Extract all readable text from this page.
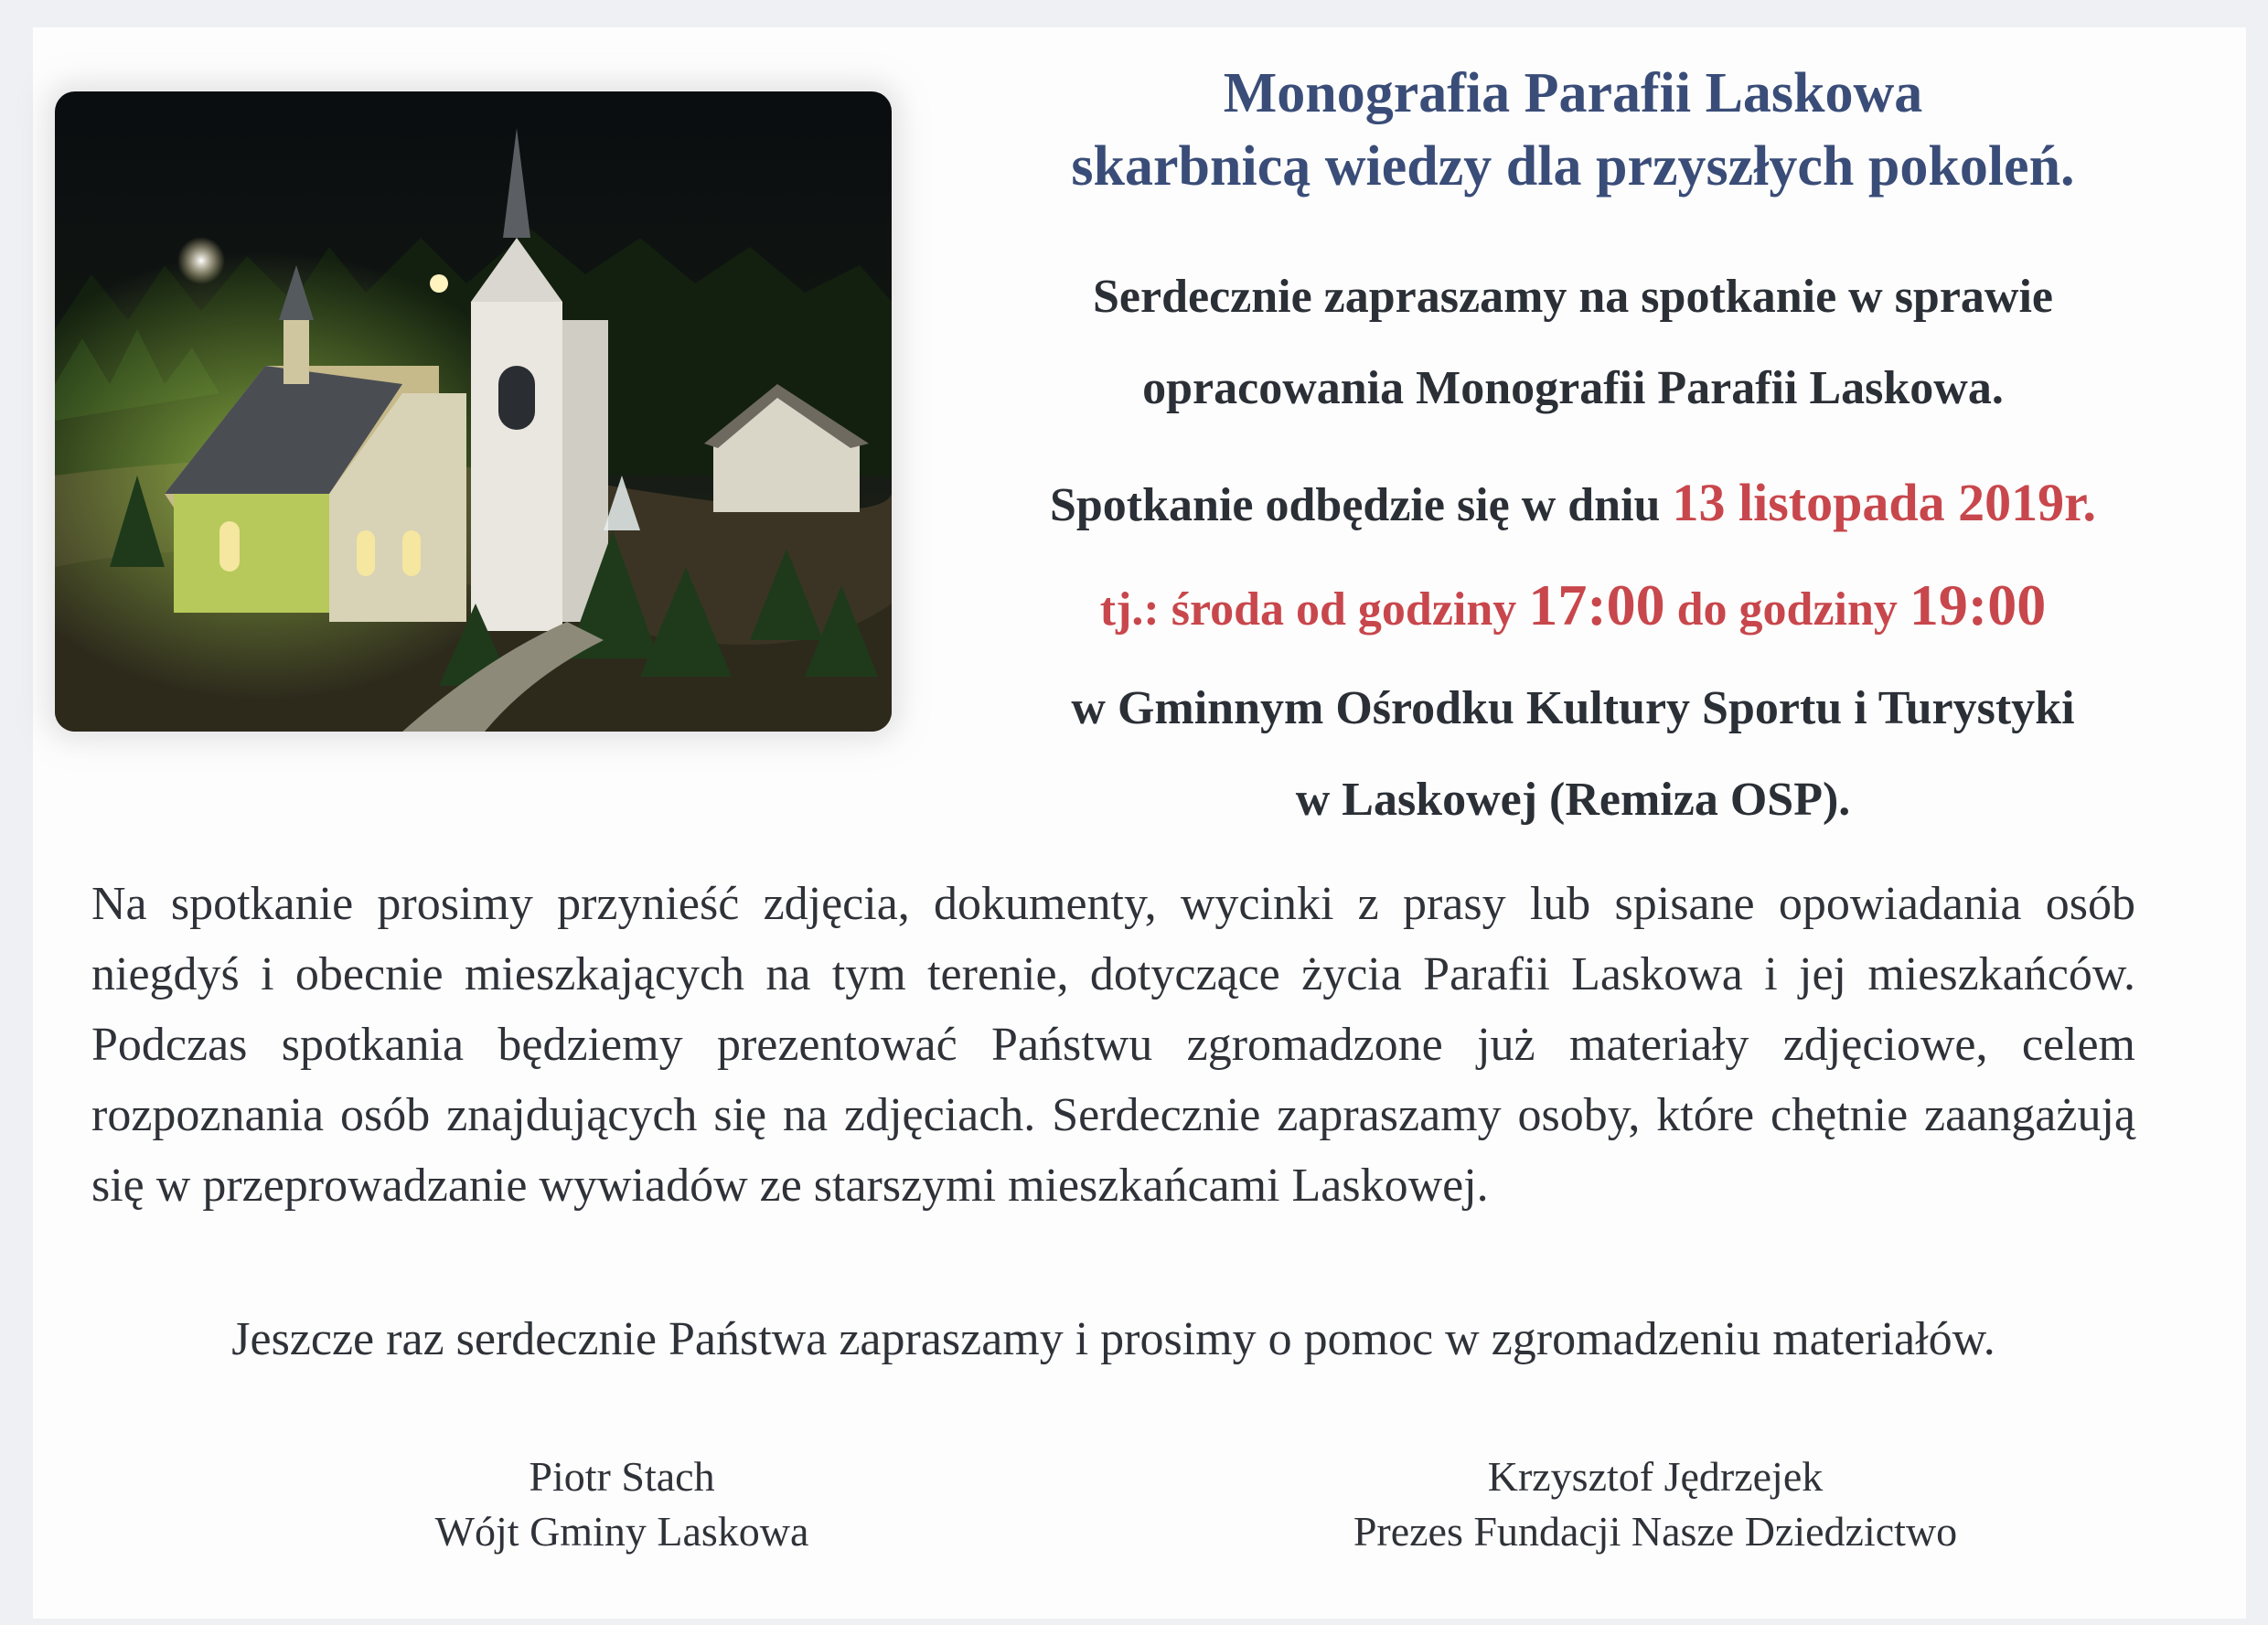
Monografia Parafii Laskowa
skarbnicą wiedzy dla przyszłych pokoleń.
Serdecznie zapraszamy na spotkanie w sprawie
opracowania Monografii Parafii Laskowa.
Spotkanie odbędzie się w dniu 13 listopada 2019r.
tj.: środa od godziny 17:00 do godziny 19:00
w Gminnym Ośrodku Kultury Sportu i Turystyki
w Laskowej (Remiza OSP).
Na spotkanie prosimy przynieść zdjęcia, dokumenty, wycinki z prasy lub spisane opowiadania osób niegdyś i obecnie mieszkających na tym terenie, dotyczące życia Parafii Laskowa i jej mieszkańców. Podczas spotkania będziemy prezentować Państwu zgromadzone już materiały zdjęciowe, celem rozpoznania osób znajdujących się na zdjęciach. Serdecznie zapraszamy osoby, które chętnie zaangażują się w przeprowadzanie wywiadów ze starszymi mieszkańcami Laskowej.
Jeszcze raz serdecznie Państwa zapraszamy i prosimy o pomoc w zgromadzeniu materiałów.
Piotr Stach
Wójt Gminy Laskowa
Krzysztof Jędrzejek
Prezes Fundacji Nasze Dziedzictwo
